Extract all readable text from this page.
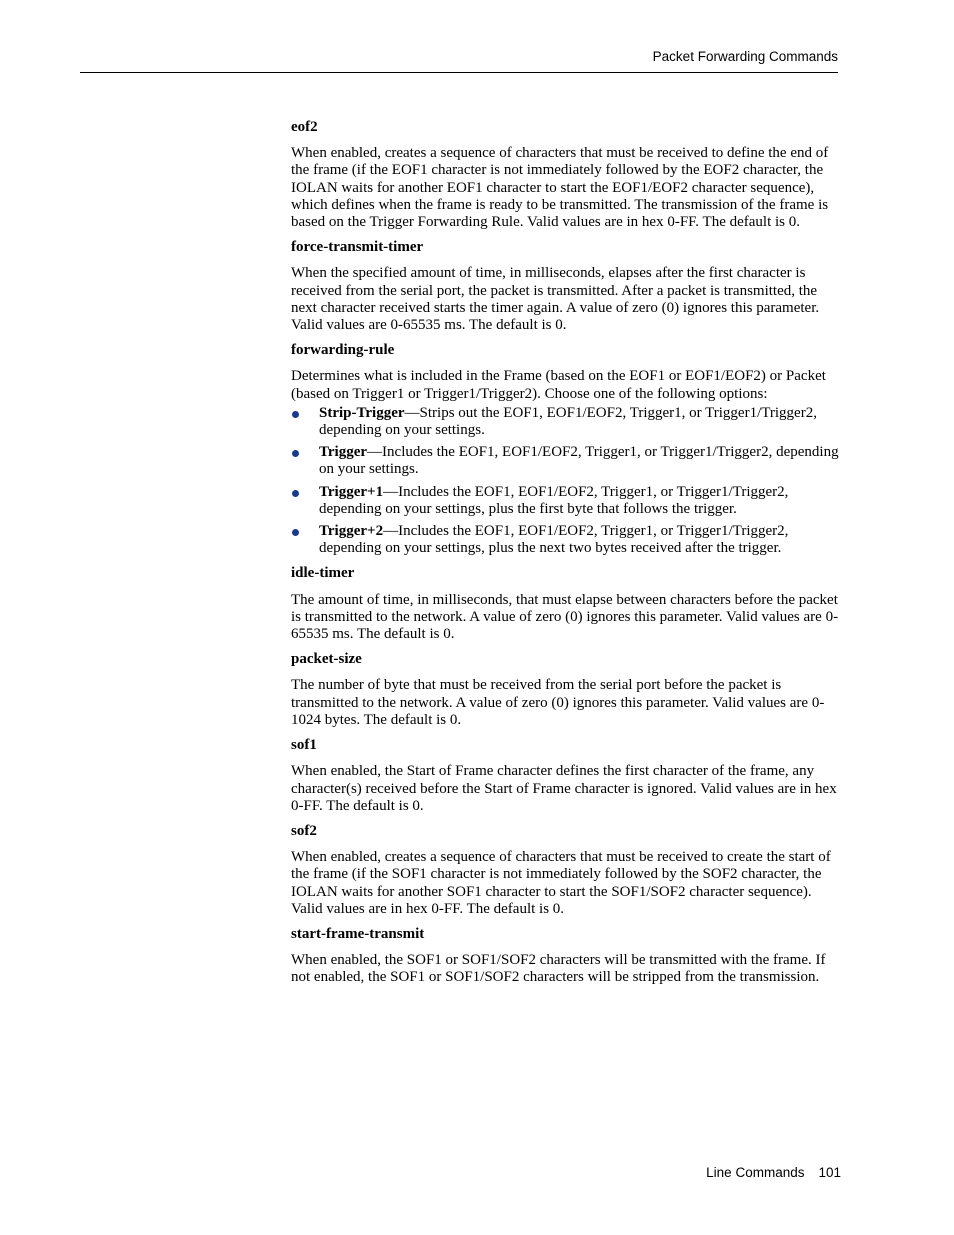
Packet Forwarding Commands
eof2

When enabled, creates a sequence of characters that must be received to define the end of the frame (if the EOF1 character is not immediately followed by the EOF2 character, the IOLAN waits for another EOF1 character to start the EOF1/EOF2 character sequence), which defines when the frame is ready to be transmitted. The transmission of the frame is based on the Trigger Forwarding Rule. Valid values are in hex 0-FF. The default is 0.

force-transmit-timer

When the specified amount of time, in milliseconds, elapses after the first character is received from the serial port, the packet is transmitted. After a packet is transmitted, the next character received starts the timer again. A value of zero (0) ignores this parameter. Valid values are 0-65535 ms. The default is 0.

forwarding-rule

Determines what is included in the Frame (based on the EOF1 or EOF1/EOF2) or Packet (based on Trigger1 or Trigger1/Trigger2). Choose one of the following options:

Strip-Trigger—Strips out the EOF1, EOF1/EOF2, Trigger1, or Trigger1/Trigger2, depending on your settings.
Trigger—Includes the EOF1, EOF1/EOF2, Trigger1, or Trigger1/Trigger2, depending on your settings.
Trigger+1—Includes the EOF1, EOF1/EOF2, Trigger1, or Trigger1/Trigger2, depending on your settings, plus the first byte that follows the trigger.
Trigger+2—Includes the EOF1, EOF1/EOF2, Trigger1, or Trigger1/Trigger2, depending on your settings, plus the next two bytes received after the trigger.
idle-timer

The amount of time, in milliseconds, that must elapse between characters before the packet is transmitted to the network. A value of zero (0) ignores this parameter. Valid values are 0-65535 ms. The default is 0.

packet-size

The number of byte that must be received from the serial port before the packet is transmitted to the network. A value of zero (0) ignores this parameter. Valid values are 0-1024 bytes. The default is 0.

sof1

When enabled, the Start of Frame character defines the first character of the frame, any character(s) received before the Start of Frame character is ignored. Valid values are in hex 0-FF. The default is 0.

sof2

When enabled, creates a sequence of characters that must be received to create the start of the frame (if the SOF1 character is not immediately followed by the SOF2 character, the IOLAN waits for another SOF1 character to start the SOF1/SOF2 character sequence). Valid values are in hex 0-FF. The default is 0.

start-frame-transmit

When enabled, the SOF1 or SOF1/SOF2 characters will be transmitted with the frame. If not enabled, the SOF1 or SOF1/SOF2 characters will be stripped from the transmission.

Line Commands 101
